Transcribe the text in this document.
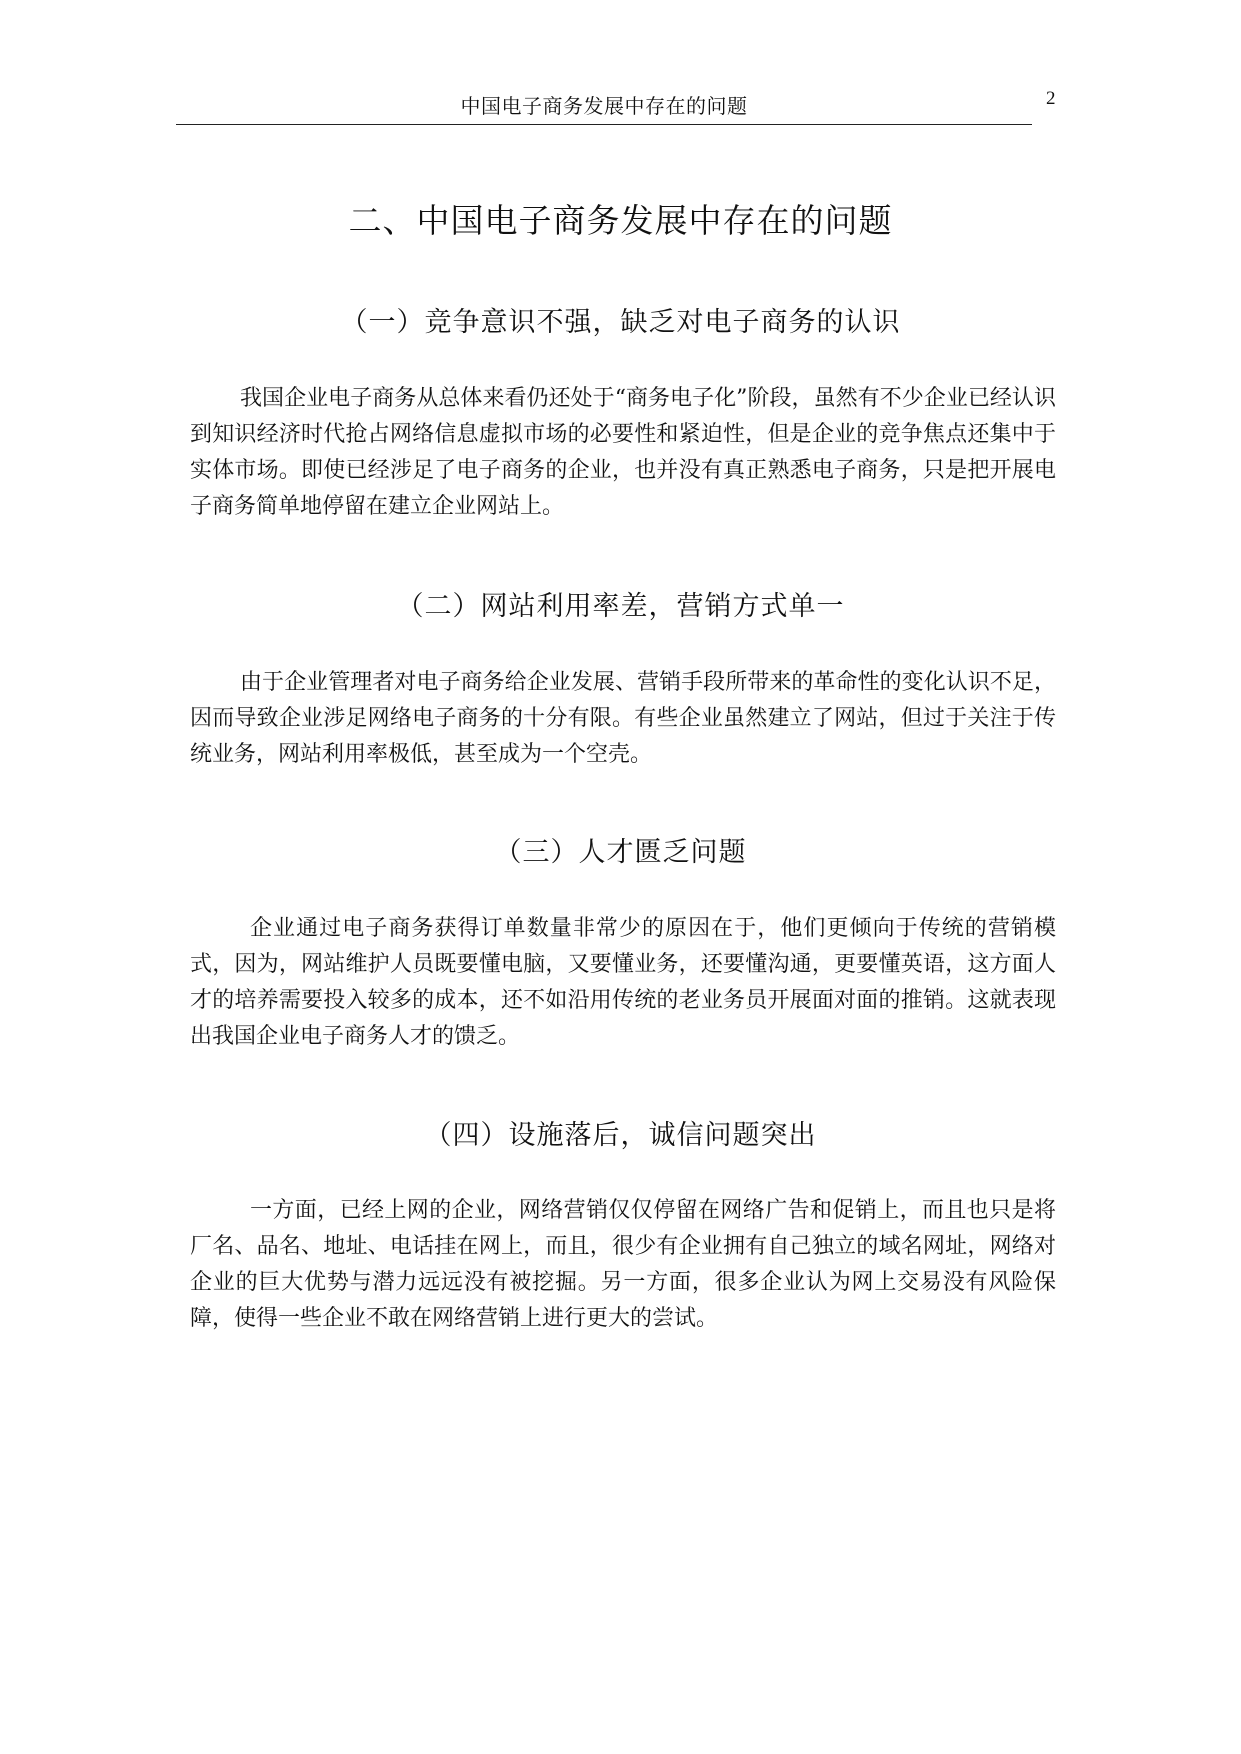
中国电子商务发展中存在的问题	2
二、中国电子商务发展中存在的问题
（一）竞争意识不强，缺乏对电子商务的认识

我国企业电子商务从总体来看仍还处于“商务电子化”阶段，虽然有不少企业已经认识到知识经济时代抢占网络信息虚拟市场的必要性和紧迫性，但是企业的竞争焦点还集中于实体市场。即使已经涉足了电子商务的企业，也并没有真正熟悉电子商务，只是把开展电子商务简单地停留在建立企业网站上。

（二）网站利用率差，营销方式单一

由于企业管理者对电子商务给企业发展、营销手段所带来的革命性的变化认识不足，因而导致企业涉足网络电子商务的十分有限。有些企业虽然建立了网站，但过于关注于传统业务，网站利用率极低，甚至成为一个空壳。

（三）人才匮乏问题

企业通过电子商务获得订单数量非常少的原因在于，他们更倾向于传统的营销模式，因为，网站维护人员既要懂电脑，又要懂业务，还要懂沟通，更要懂英语，这方面人才的培养需要投入较多的成本，还不如沿用传统的老业务员开展面对面的推销。这就表现出我国企业电子商务人才的馈乏。

（四）设施落后，诚信问题突出

一方面，已经上网的企业，网络营销仅仅停留在网络广告和促销上，而且也只是将厂名、品名、地址、电话挂在网上，而且，很少有企业拥有自己独立的域名网址，网络对企业的巨大优势与潜力远远没有被挖掘。另一方面，很多企业认为网上交易没有风险保障，使得一些企业不敢在网络营销上进行更大的尝试。
